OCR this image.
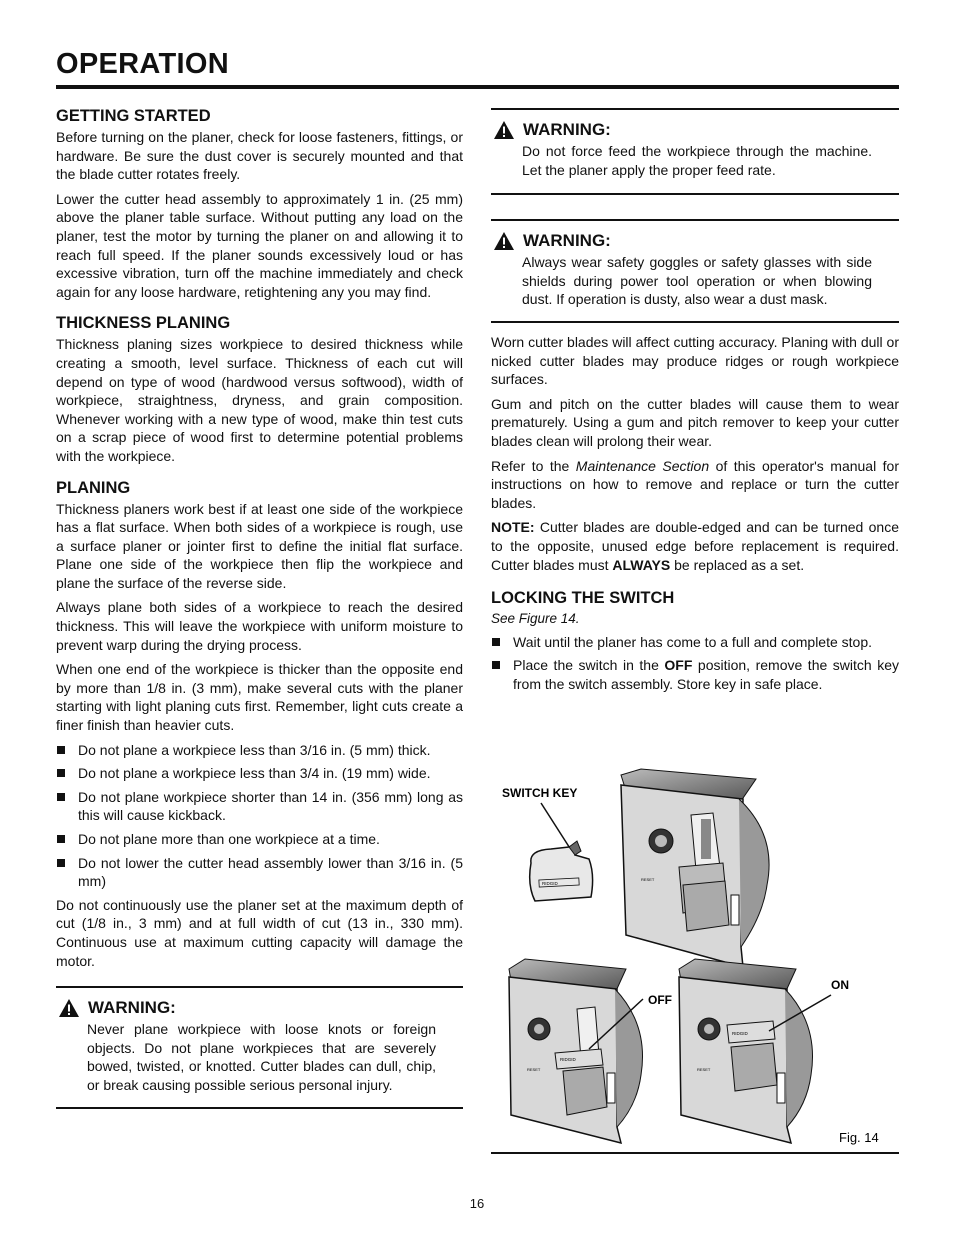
OPERATION
GETTING STARTED

Before turning on the planer, check for loose fasteners, fittings, or hardware. Be sure the dust cover is securely mounted and that the blade cutter rotates freely.

Lower the cutter head assembly to approximately 1 in. (25 mm) above the planer table surface. Without putting any load on the planer, test the motor by turning the planer on and allowing it to reach full speed. If the planer sounds excessively loud or has excessive vibration, turn off the machine immediately and check again for any loose hardware, retightening any you may find.

THICKNESS PLANING

Thickness planing sizes workpiece to desired thickness while creating a smooth, level surface. Thickness of each cut will depend on type of wood (hardwood versus softwood), width of workpiece, straightness, dryness, and grain composition. Whenever working with a new type of wood, make thin test cuts on a scrap piece of wood first to determine potential problems with the workpiece.

PLANING

Thickness planers work best if at least one side of the workpiece has a flat surface. When both sides of a workpiece is rough, use a surface planer or jointer first to define the initial flat surface. Plane one side of the workpiece then flip the workpiece and plane the surface of the reverse side.

Always plane both sides of a workpiece to reach the desired thickness. This will leave the workpiece with uniform moisture to prevent warp during the drying process.

When one end of the workpiece is thicker than the opposite end by more than 1/8 in. (3 mm), make several cuts with the planer starting with light planing cuts first. Remember, light cuts create a finer finish than heavier cuts.

Do not plane a workpiece less than 3/16 in. (5 mm) thick.
Do not plane a workpiece less than 3/4 in. (19 mm) wide.
Do not plane workpiece shorter than 14 in. (356 mm) long as this will cause kickback.
Do not plane more than one workpiece at a time.
Do not lower the cutter head assembly lower than 3/16 in. (5 mm)

Do not continuously use the planer set at the maximum depth of cut (1/8 in., 3 mm) and at full width of cut (13 in., 330 mm). Continuous use at maximum cutting capacity will damage the motor.

WARNING:
Never plane workpiece with loose knots or foreign objects. Do not plane workpieces that are severely bowed, twisted, or knotted. Cutter blades can dull, chip, or break causing possible serious personal injury.
WARNING:
Do not force feed the workpiece through the machine. Let the planer apply the proper feed rate.
WARNING:
Always wear safety goggles or safety glasses with side shields during power tool operation or when blowing dust. If operation is dusty, also wear a dust mask.

Worn cutter blades will affect cutting accuracy. Planing with dull or nicked cutter blades may produce ridges or rough workpiece surfaces.

Gum and pitch on the cutter blades will cause them to wear prematurely. Using a gum and pitch remover to keep your cutter blades clean will prolong their wear.

Refer to the Maintenance Section of this operator's manual for instructions on how to remove and replace or turn the cutter blades.

NOTE: Cutter blades are double-edged and can be turned once to the opposite, unused edge before replacement is required. Cutter blades must ALWAYS be replaced as a set.

LOCKING THE SWITCH

See Figure 14.

Wait until the planer has come to a full and complete stop.
Place the switch in the OFF position, remove the switch key from the switch assembly. Store key in safe place.
SWITCH KEY
OFF
ON
Fig. 14
RIDGID
RESET
RIDGID
RESET
RIDGID
RESET
16
